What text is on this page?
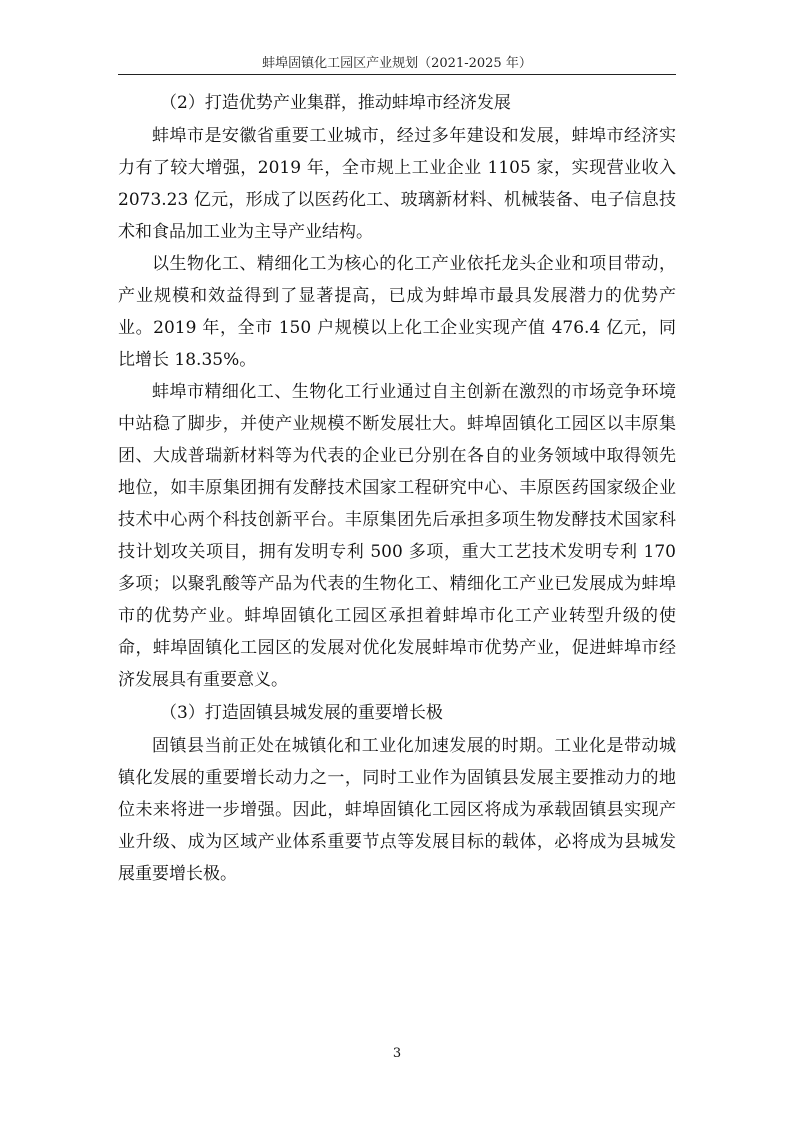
蚌埠固镇化工园区产业规划（2021-2025 年）
（2）打造优势产业集群，推动蚌埠市经济发展

蚌埠市是安徽省重要工业城市，经过多年建设和发展，蚌埠市经济实力有了较大增强，2019 年，全市规上工业企业 1105 家，实现营业收入 2073.23 亿元，形成了以医药化工、玻璃新材料、机械装备、电子信息技术和食品加工业为主导产业结构。

以生物化工、精细化工为核心的化工产业依托龙头企业和项目带动，产业规模和效益得到了显著提高，已成为蚌埠市最具发展潜力的优势产业。2019 年，全市 150 户规模以上化工企业实现产值 476.4 亿元，同比增长 18.35%。

蚌埠市精细化工、生物化工行业通过自主创新在激烈的市场竞争环境中站稳了脚步，并使产业规模不断发展壮大。蚌埠固镇化工园区以丰原集团、大成普瑞新材料等为代表的企业已分别在各自的业务领域中取得领先地位，如丰原集团拥有发酵技术国家工程研究中心、丰原医药国家级企业技术中心两个科技创新平台。丰原集团先后承担多项生物发酵技术国家科技计划攻关项目，拥有发明专利 500 多项，重大工艺技术发明专利 170 多项；以聚乳酸等产品为代表的生物化工、精细化工产业已发展成为蚌埠市的优势产业。蚌埠固镇化工园区承担着蚌埠市化工产业转型升级的使命，蚌埠固镇化工园区的发展对优化发展蚌埠市优势产业，促进蚌埠市经济发展具有重要意义。

（3）打造固镇县城发展的重要增长极

固镇县当前正处在城镇化和工业化加速发展的时期。工业化是带动城镇化发展的重要增长动力之一，同时工业作为固镇县发展主要推动力的地位未来将进一步增强。因此，蚌埠固镇化工园区将成为承载固镇县实现产业升级、成为区域产业体系重要节点等发展目标的载体，必将成为县城发展重要增长极。

3
